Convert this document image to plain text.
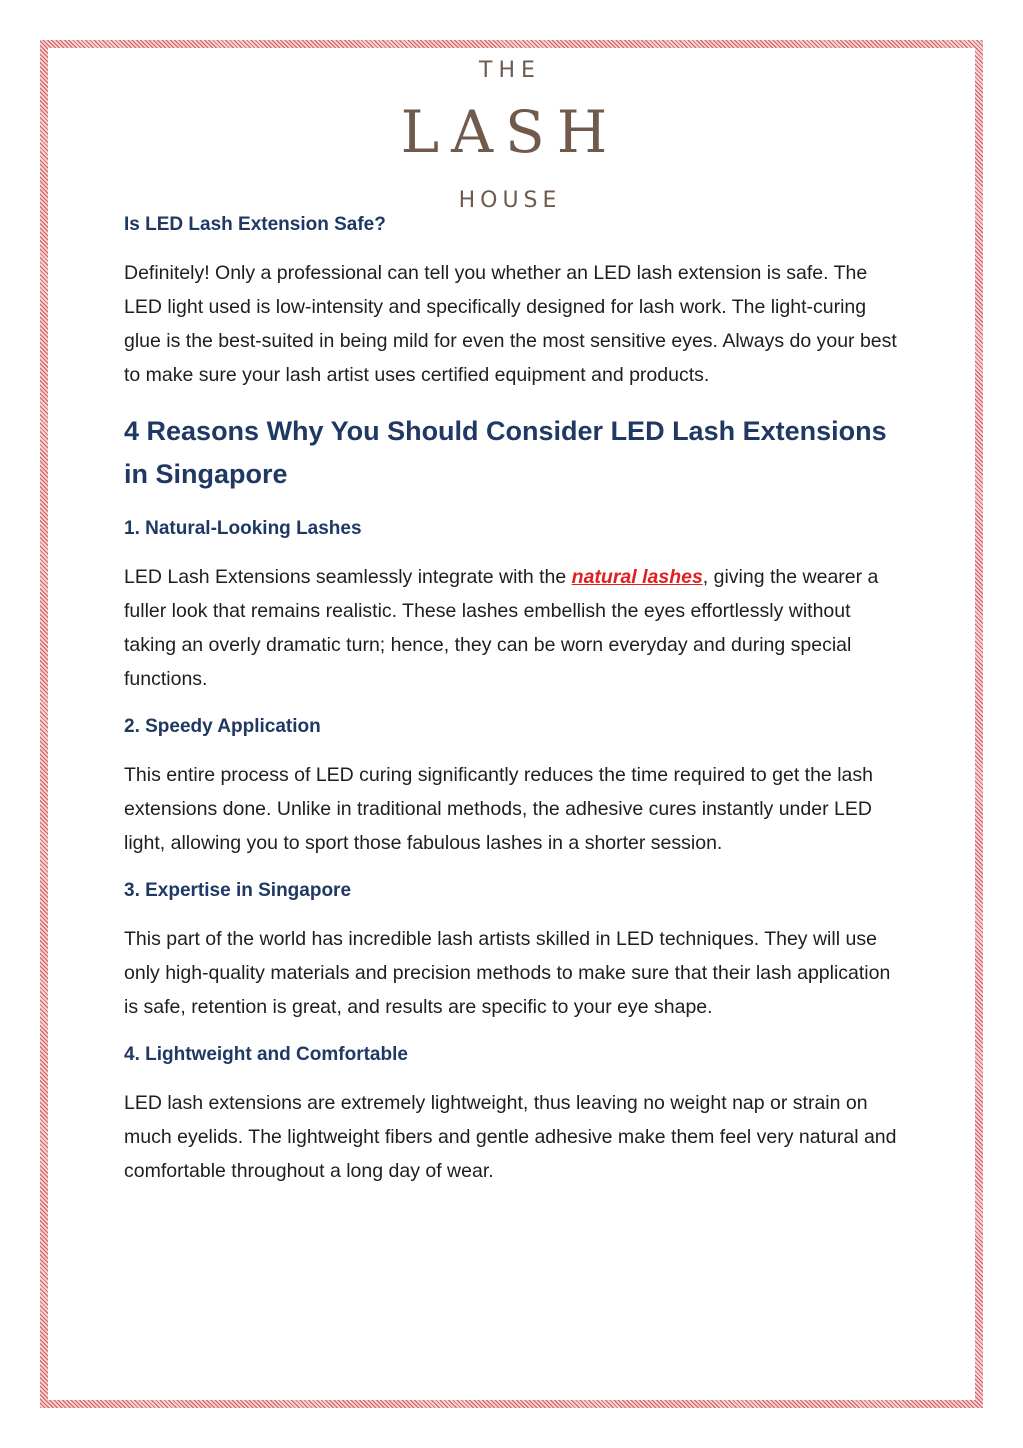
THE
LASH
HOUSE
Is LED Lash Extension Safe?

Definitely! Only a professional can tell you whether an LED lash extension is safe. The LED light used is low-intensity and specifically designed for lash work. The light-curing glue is the best-suited in being mild for even the most sensitive eyes. Always do your best to make sure your lash artist uses certified equipment and products.

4 Reasons Why You Should Consider LED Lash Extensions in Singapore
1. Natural-Looking Lashes

LED Lash Extensions seamlessly integrate with the natural lashes, giving the wearer a fuller look that remains realistic. These lashes embellish the eyes effortlessly without taking an overly dramatic turn; hence, they can be worn everyday and during special functions.

2. Speedy Application

This entire process of LED curing significantly reduces the time required to get the lash extensions done. Unlike in traditional methods, the adhesive cures instantly under LED light, allowing you to sport those fabulous lashes in a shorter session.

3. Expertise in Singapore

This part of the world has incredible lash artists skilled in LED techniques. They will use only high-quality materials and precision methods to make sure that their lash application is safe, retention is great, and results are specific to your eye shape.

4. Lightweight and Comfortable

LED lash extensions are extremely lightweight, thus leaving no weight nap or strain on much eyelids. The lightweight fibers and gentle adhesive make them feel very natural and comfortable throughout a long day of wear.
